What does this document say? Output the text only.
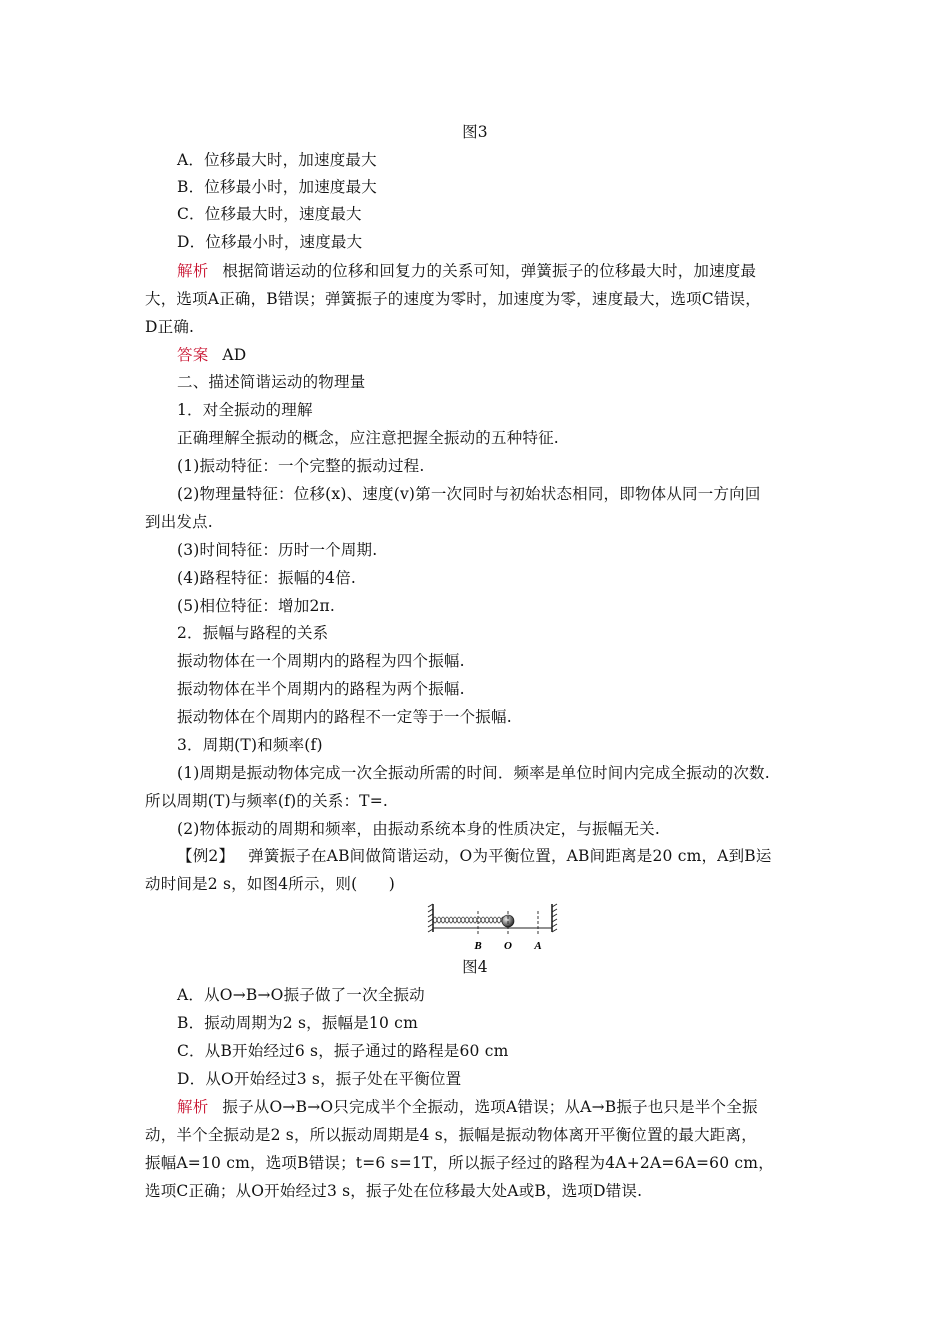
图3
A．位移最大时，加速度最大
B．位移最小时，加速度最大
C．位移最大时，速度最大
D．位移最小时，速度最大
解析 根据简谐运动的位移和回复力的关系可知，弹簧振子的位移最大时，加速度最
大，选项A正确，B错误；弹簧振子的速度为零时，加速度为零，速度最大，选项C错误，
D正确.
答案 AD
二、描述简谐运动的物理量
1．对全振动的理解
正确理解全振动的概念，应注意把握全振动的五种特征.
(1)振动特征：一个完整的振动过程.
(2)物理量特征：位移(x)、速度(v)第一次同时与初始状态相同，即物体从同一方向回
到出发点.
(3)时间特征：历时一个周期.
(4)路程特征：振幅的4倍.
(5)相位特征：增加2π.
2．振幅与路程的关系
振动物体在一个周期内的路程为四个振幅.
振动物体在半个周期内的路程为两个振幅.
振动物体在个周期内的路程不一定等于一个振幅.
3．周期(T)和频率(f)
(1)周期是振动物体完成一次全振动所需的时间．频率是单位时间内完成全振动的次数.
所以周期(T)与频率(f)的关系：T=.
(2)物体振动的周期和频率，由振动系统本身的性质决定，与振幅无关.
【例2】 弹簧振子在AB间做简谐运动，O为平衡位置，AB间距离是20 cm，A到B运
动时间是2 s，如图4所示，则(　　)
B O A
图4
A．从O→B→O振子做了一次全振动
B．振动周期为2 s，振幅是10 cm
C．从B开始经过6 s，振子通过的路程是60 cm
D．从O开始经过3 s，振子处在平衡位置
解析 振子从O→B→O只完成半个全振动，选项A错误；从A→B振子也只是半个全振
动，半个全振动是2 s，所以振动周期是4 s，振幅是振动物体离开平衡位置的最大距离，
振幅A=10 cm，选项B错误；t=6 s=1T，所以振子经过的路程为4A+2A=6A=60 cm，
选项C正确；从O开始经过3 s，振子处在位移最大处A或B，选项D错误.
